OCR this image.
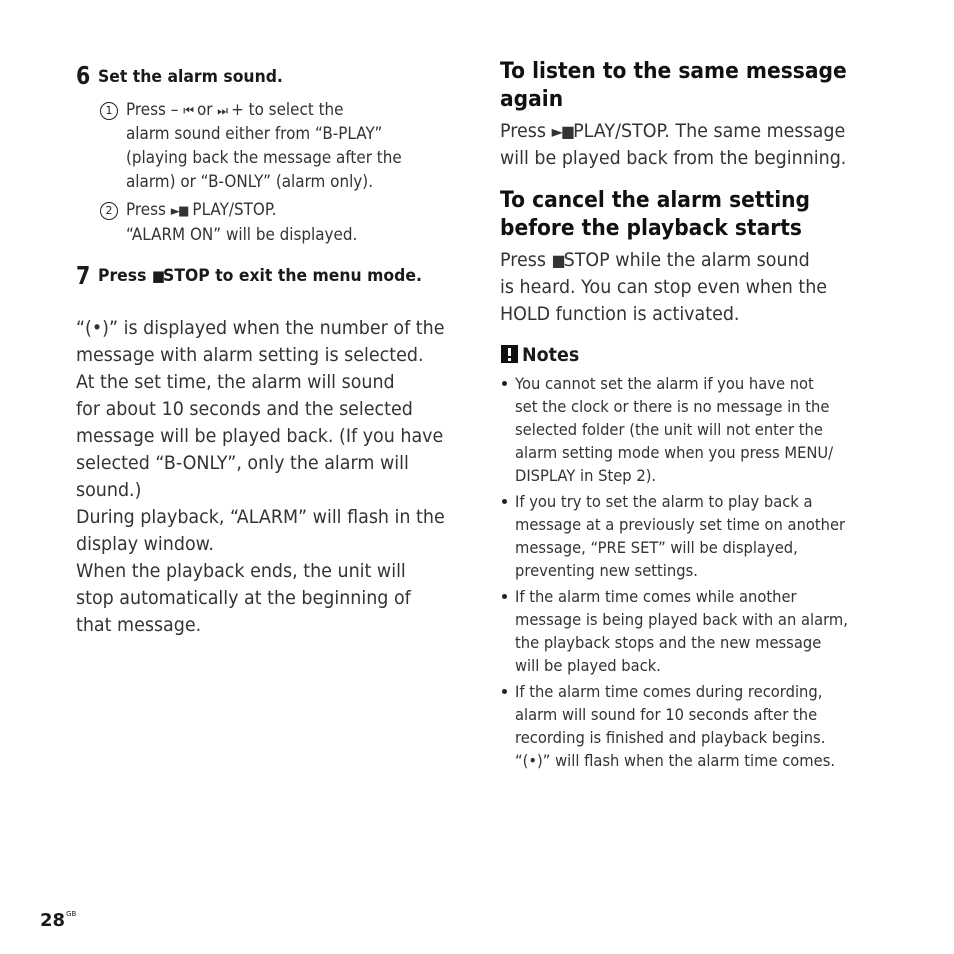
6 Set the alarm sound.
1 Press – ⏮ or ⏭ + to select the
alarm sound either from “B-PLAY”
(playing back the message after the
alarm) or “B-ONLY” (alarm only).
2 Press ►■ PLAY/STOP.
“ALARM ON” will be displayed.
7 Press ■STOP to exit the menu mode.
“(•)” is displayed when the number of the
message with alarm setting is selected.
At the set time, the alarm will sound
for about 10 seconds and the selected
message will be played back. (If you have
selected “B-ONLY”, only the alarm will
sound.)
During playback, “ALARM” will flash in the
display window.
When the playback ends, the unit will
stop automatically at the beginning of
that message.
To listen to the same message
again
Press ►■PLAY/STOP. The same message
will be played back from the beginning.
To cancel the alarm setting
before the playback starts
Press ■STOP while the alarm sound
is heard. You can stop even when the
HOLD function is activated.
Notes
You cannot set the alarm if you have not
set the clock or there is no message in the
selected folder (the unit will not enter the
alarm setting mode when you press MENU/
DISPLAY in Step 2).
If you try to set the alarm to play back a
message at a previously set time on another
message, “PRE SET” will be displayed,
preventing new settings.
If the alarm time comes while another
message is being played back with an alarm,
the playback stops and the new message
will be played back.
If the alarm time comes during recording,
alarm will sound for 10 seconds after the
recording is finished and playback begins.
“(•)” will flash when the alarm time comes.
$28^{GB}$
